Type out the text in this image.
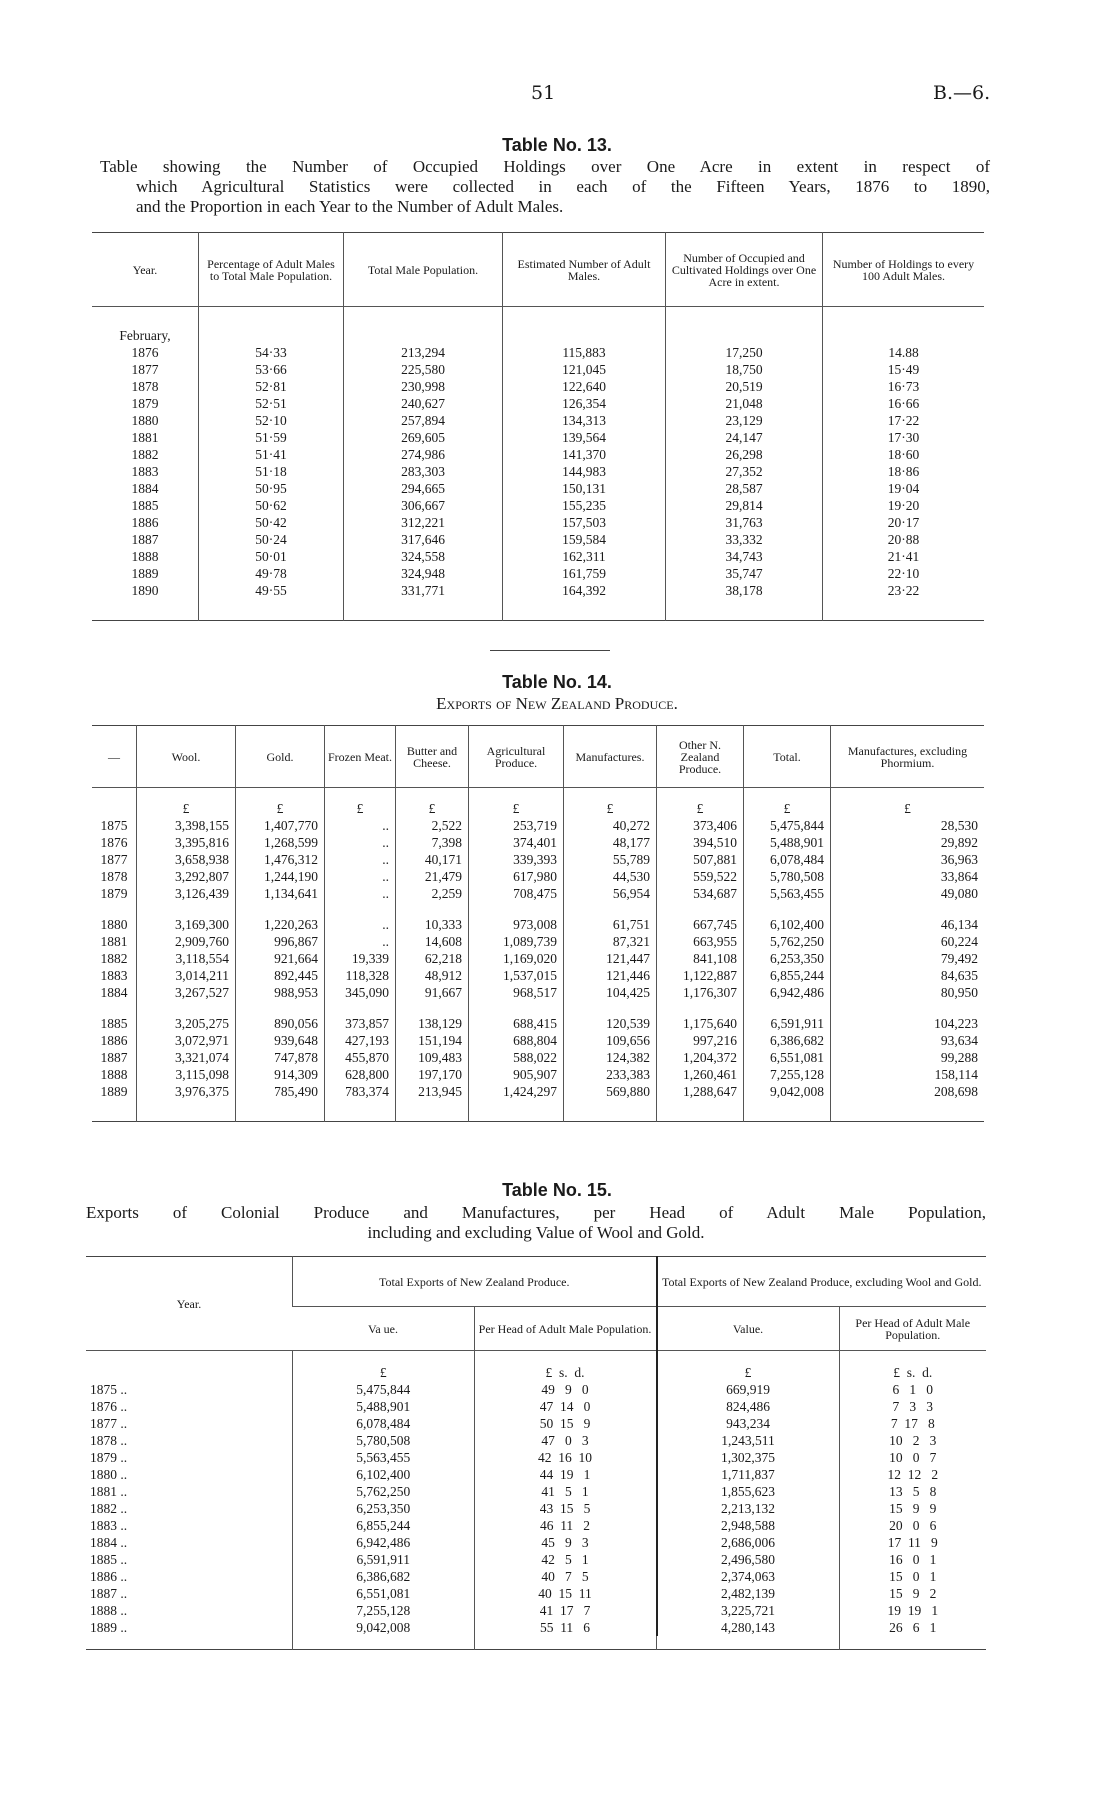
51	B.—6.
Table No. 13.

Table showing the Number of Occupied Holdings over One Acre in extent in respect of

which Agricultural Statistics were collected in each of the Fifteen Years, 1876 to 1890,

and the Proportion in each Year to the Number of Adult Males.

Year.	Percentage of Adult Males to Total Male Population.	Total Male Population.	Estimated Number of Adult Males.	Number of Occupied and Cultivated Holdings over One Acre in extent.	Number of Holdings to every 100 Adult Males.

February,					
1876	54·33	213,294	115,883	17,250	14.88
1877	53·66	225,580	121,045	18,750	15·49
1878	52·81	230,998	122,640	20,519	16·73
1879	52·51	240,627	126,354	21,048	16·66
1880	52·10	257,894	134,313	23,129	17·22
1881	51·59	269,605	139,564	24,147	17·30
1882	51·41	274,986	141,370	26,298	18·60
1883	51·18	283,303	144,983	27,352	18·86
1884	50·95	294,665	150,131	28,587	19·04
1885	50·62	306,667	155,235	29,814	19·20
1886	50·42	312,221	157,503	31,763	20·17
1887	50·24	317,646	159,584	33,332	20·88
1888	50·01	324,558	162,311	34,743	21·41
1889	49·78	324,948	161,759	35,747	22·10
1890	49·55	331,771	164,392	38,178	23·22

Table No. 14.
Exports of New Zealand Produce.
—	Wool.	Gold.	Frozen Meat.	Butter and Cheese.	Agricultural Produce.	Manufactures.	Other N. Zealand Produce.	Total.	Manufactures, excluding Phormium.

	£	£	£	£	£	£	£	£	£
1875	3,398,155	1,407,770	..	2,522	253,719	40,272	373,406	5,475,844	28,530
1876	3,395,816	1,268,599	..	7,398	374,401	48,177	394,510	5,488,901	29,892
1877	3,658,938	1,476,312	..	40,171	339,393	55,789	507,881	6,078,484	36,963
1878	3,292,807	1,244,190	..	21,479	617,980	44,530	559,522	5,780,508	33,864
1879	3,126,439	1,134,641	..	2,259	708,475	56,954	534,687	5,563,455	49,080

1880	3,169,300	1,220,263	..	10,333	973,008	61,751	667,745	6,102,400	46,134
1881	2,909,760	996,867	..	14,608	1,089,739	87,321	663,955	5,762,250	60,224
1882	3,118,554	921,664	19,339	62,218	1,169,020	121,447	841,108	6,253,350	79,492
1883	3,014,211	892,445	118,328	48,912	1,537,015	121,446	1,122,887	6,855,244	84,635
1884	3,267,527	988,953	345,090	91,667	968,517	104,425	1,176,307	6,942,486	80,950

1885	3,205,275	890,056	373,857	138,129	688,415	120,539	1,175,640	6,591,911	104,223
1886	3,072,971	939,648	427,193	151,194	688,804	109,656	997,216	6,386,682	93,634
1887	3,321,074	747,878	455,870	109,483	588,022	124,382	1,204,372	6,551,081	99,288
1888	3,115,098	914,309	628,800	197,170	905,907	233,383	1,260,461	7,255,128	158,114
1889	3,976,375	785,490	783,374	213,945	1,424,297	569,880	1,288,647	9,042,008	208,698

Table No. 15.

Exports of Colonial Produce and Manufactures, per Head of Adult Male Population,

including and excluding Value of Wool and Gold.

Year.	Total Exports of New Zealand Produce.		Total Exports of New Zealand Produce, excluding Wool and Gold.	
	Va ue.	Per Head of Adult Male Population.	Value.	Per Head of Adult Male Population.
	£	£  s.  d.	£	£  s.  d.
1875 ..	5,475,844	49   9   0	669,919	6   1   0
1876 ..	5,488,901	47  14   0	824,486	7   3   3
1877 ..	6,078,484	50  15   9	943,234	7  17   8
1878 ..	5,780,508	47   0   3	1,243,511	10   2   3
1879 ..	5,563,455	42  16  10	1,302,375	10   0   7
1880 ..	6,102,400	44  19   1	1,711,837	12  12   2
1881 ..	5,762,250	41   5   1	1,855,623	13   5   8
1882 ..	6,253,350	43  15   5	2,213,132	15   9   9
1883 ..	6,855,244	46  11   2	2,948,588	20   0   6
1884 ..	6,942,486	45   9   3	2,686,006	17  11   9
1885 ..	6,591,911	42   5   1	2,496,580	16   0   1
1886 ..	6,386,682	40   7   5	2,374,063	15   0   1
1887 ..	6,551,081	40  15  11	2,482,139	15   9   2
1888 ..	7,255,128	41  17   7	3,225,721	19  19   1
1889 ..	9,042,008	55  11   6	4,280,143	26   6   1
